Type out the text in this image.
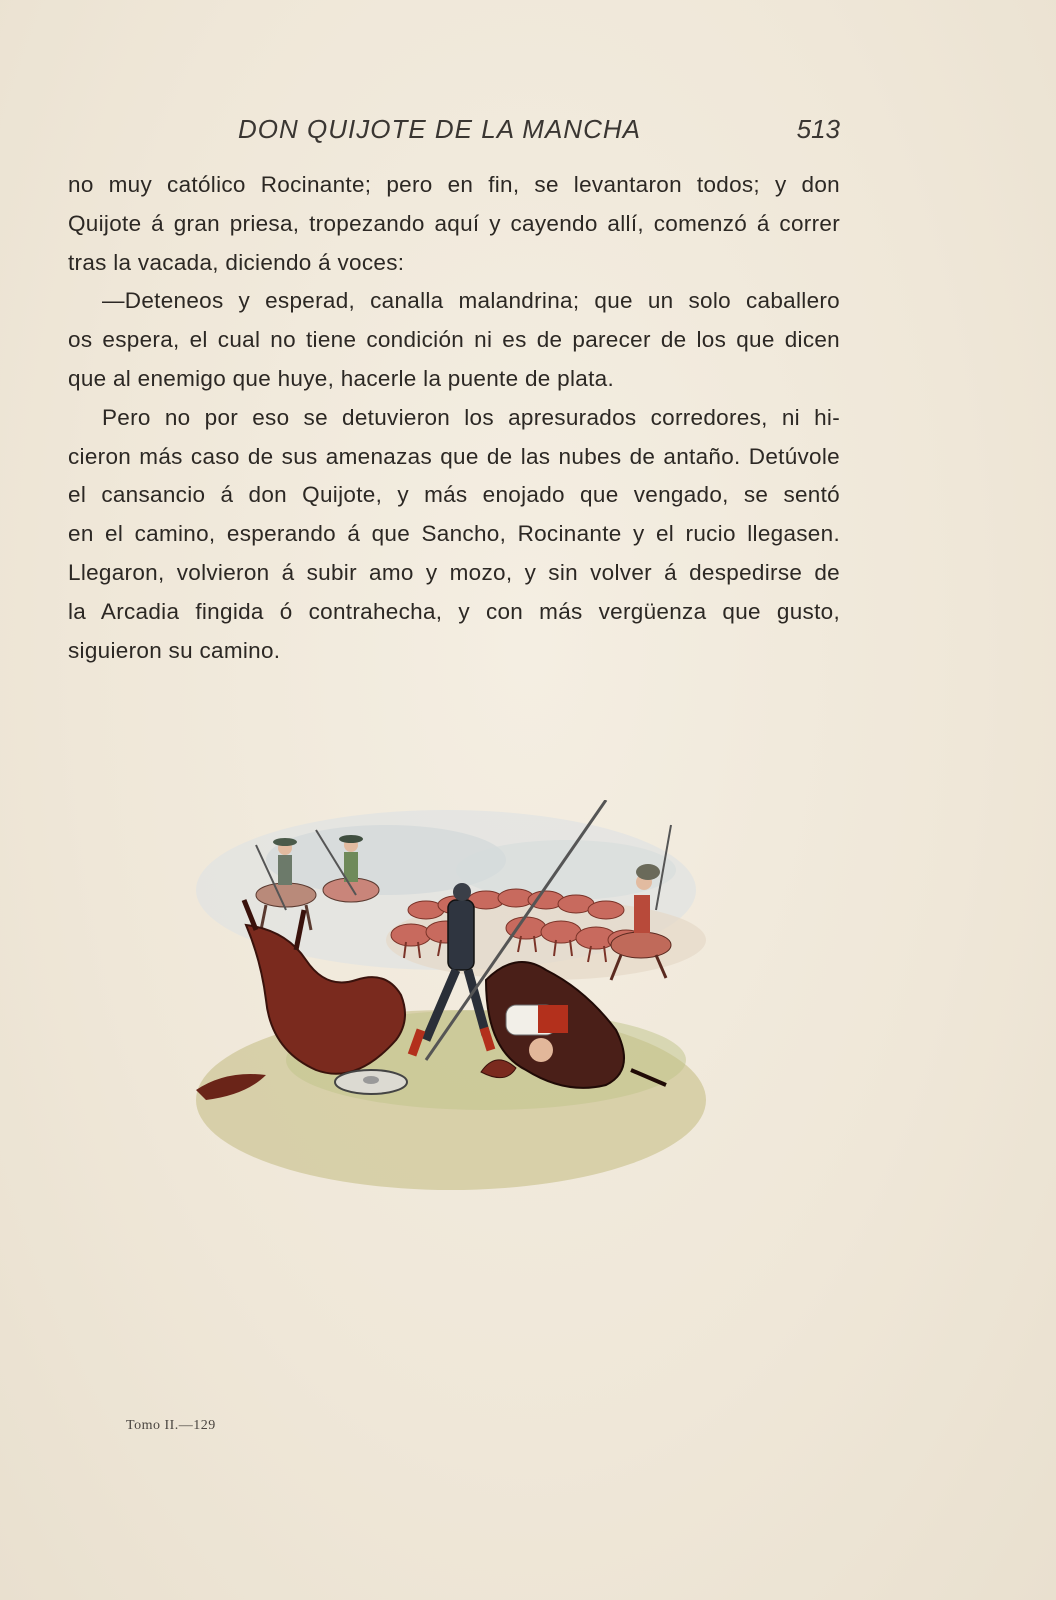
DON QUIJOTE DE LA MANCHA	513
no muy católico Rocinante; pero en fin, se levantaron todos; y don
Quijote á gran priesa, tropezando aquí y cayendo allí, comenzó á correr
tras la vacada, diciendo á voces:
—Deteneos y esperad, canalla malandrina; que un solo caballero
os espera, el cual no tiene condición ni es de parecer de los que dicen
que al enemigo que huye, hacerle la puente de plata.
Pero no por eso se detuvieron los apresurados corredores, ni hi-
cieron más caso de sus amenazas que de las nubes de antaño. Detúvole
el cansancio á don Quijote, y más enojado que vengado, se sentó
en el camino, esperando á que Sancho, Rocinante y el rucio llegasen.
Llegaron, volvieron á subir amo y mozo, y sin volver á despedirse de
la Arcadia fingida ó contrahecha, y con más vergüenza que gusto,
siguieron su camino.
Tomo II.—129
